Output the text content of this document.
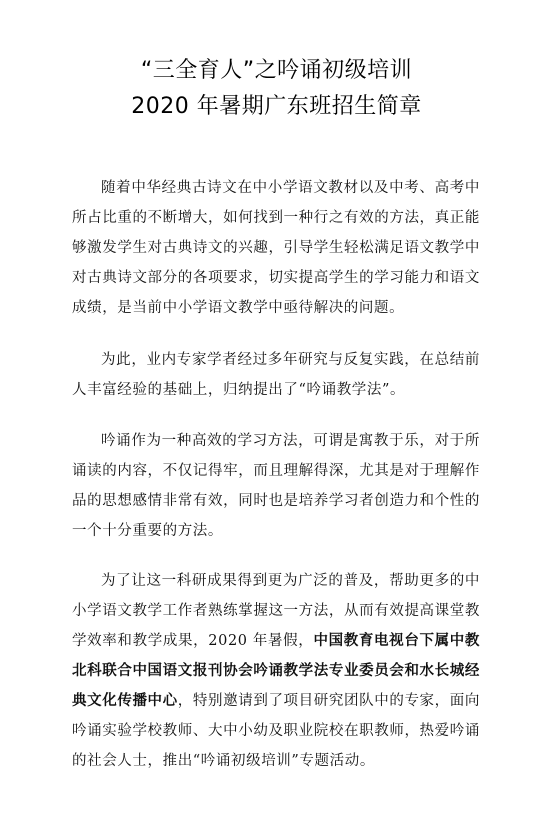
“三全育人”之吟诵初级培训
2020 年暑期广东班招生简章

随着中华经典古诗文在中小学语文教材以及中考、高考中所占比重的不断增大，如何找到一种行之有效的方法，真正能够激发学生对古典诗文的兴趣，引导学生轻松满足语文教学中对古典诗文部分的各项要求，切实提高学生的学习能力和语文成绩，是当前中小学语文教学中亟待解决的问题。

为此，业内专家学者经过多年研究与反复实践，在总结前人丰富经验的基础上，归纳提出了“吟诵教学法”。

吟诵作为一种高效的学习方法，可谓是寓教于乐，对于所诵读的内容，不仅记得牢，而且理解得深，尤其是对于理解作品的思想感情非常有效，同时也是培养学习者创造力和个性的一个十分重要的方法。

为了让这一科研成果得到更为广泛的普及，帮助更多的中小学语文教学工作者熟练掌握这一方法，从而有效提高课堂教学效率和教学成果，2020 年暑假，中国教育电视台下属中教北科联合中国语文报刊协会吟诵教学法专业委员会和水长城经典文化传播中心，特别邀请到了项目研究团队中的专家，面向吟诵实验学校教师、大中小幼及职业院校在职教师，热爱吟诵的社会人士，推出“吟诵初级培训”专题活动。
